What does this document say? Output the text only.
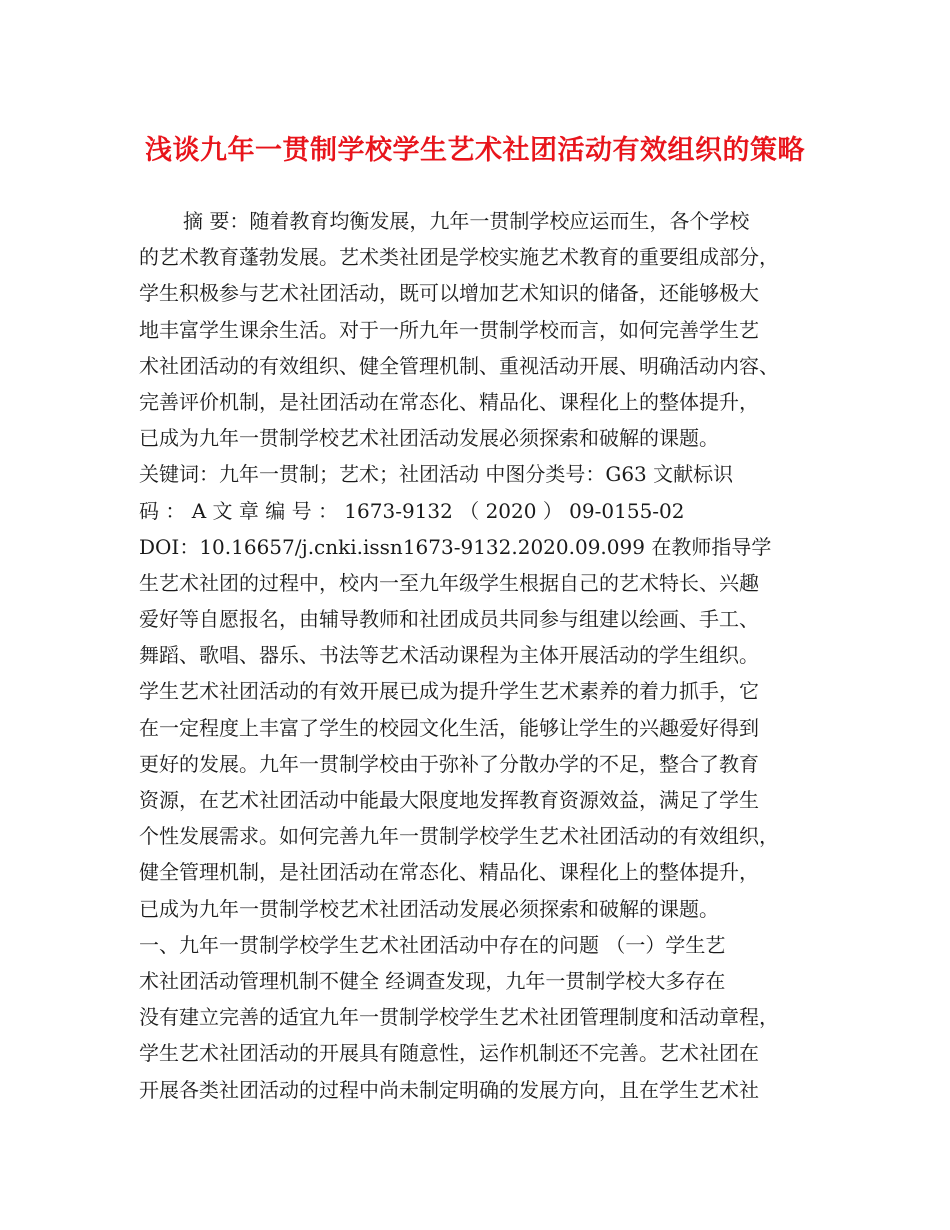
浅谈九年一贯制学校学生艺术社团活动有效组织的策略
摘 要：随着教育均衡发展，九年一贯制学校应运而生，各个学校
的艺术教育蓬勃发展。艺术类社团是学校实施艺术教育的重要组成部分，
学生积极参与艺术社团活动，既可以增加艺术知识的储备，还能够极大
地丰富学生课余生活。对于一所九年一贯制学校而言，如何完善学生艺
术社团活动的有效组织、健全管理机制、重视活动开展、明确活动内容、
完善评价机制，是社团活动在常态化、精品化、课程化上的整体提升，
已成为九年一贯制学校艺术社团活动发展必须探索和破解的课题。
关键词：九年一贯制；艺术；社团活动 中图分类号：G63 文献标识
码 ： A 文 章 编 号 ： 1673-9132 （ 2020 ） 09-0155-02
DOI：10.16657/j.cnki.issn1673-9132.2020.09.099 在教师指导学
生艺术社团的过程中，校内一至九年级学生根据自己的艺术特长、兴趣
爱好等自愿报名，由辅导教师和社团成员共同参与组建以绘画、手工、
舞蹈、歌唱、器乐、书法等艺术活动课程为主体开展活动的学生组织。
学生艺术社团活动的有效开展已成为提升学生艺术素养的着力抓手，它
在一定程度上丰富了学生的校园文化生活，能够让学生的兴趣爱好得到
更好的发展。九年一贯制学校由于弥补了分散办学的不足，整合了教育
资源，在艺术社团活动中能最大限度地发挥教育资源效益，满足了学生
个性发展需求。如何完善九年一贯制学校学生艺术社团活动的有效组织，
健全管理机制，是社团活动在常态化、精品化、课程化上的整体提升，
已成为九年一贯制学校艺术社团活动发展必须探索和破解的课题。
一、九年一贯制学校学生艺术社团活动中存在的问题 （一）学生艺
术社团活动管理机制不健全 经调查发现，九年一贯制学校大多存在
没有建立完善的适宜九年一贯制学校学生艺术社团管理制度和活动章程，
学生艺术社团活动的开展具有随意性，运作机制还不完善。艺术社团在
开展各类社团活动的过程中尚未制定明确的发展方向，且在学生艺术社
